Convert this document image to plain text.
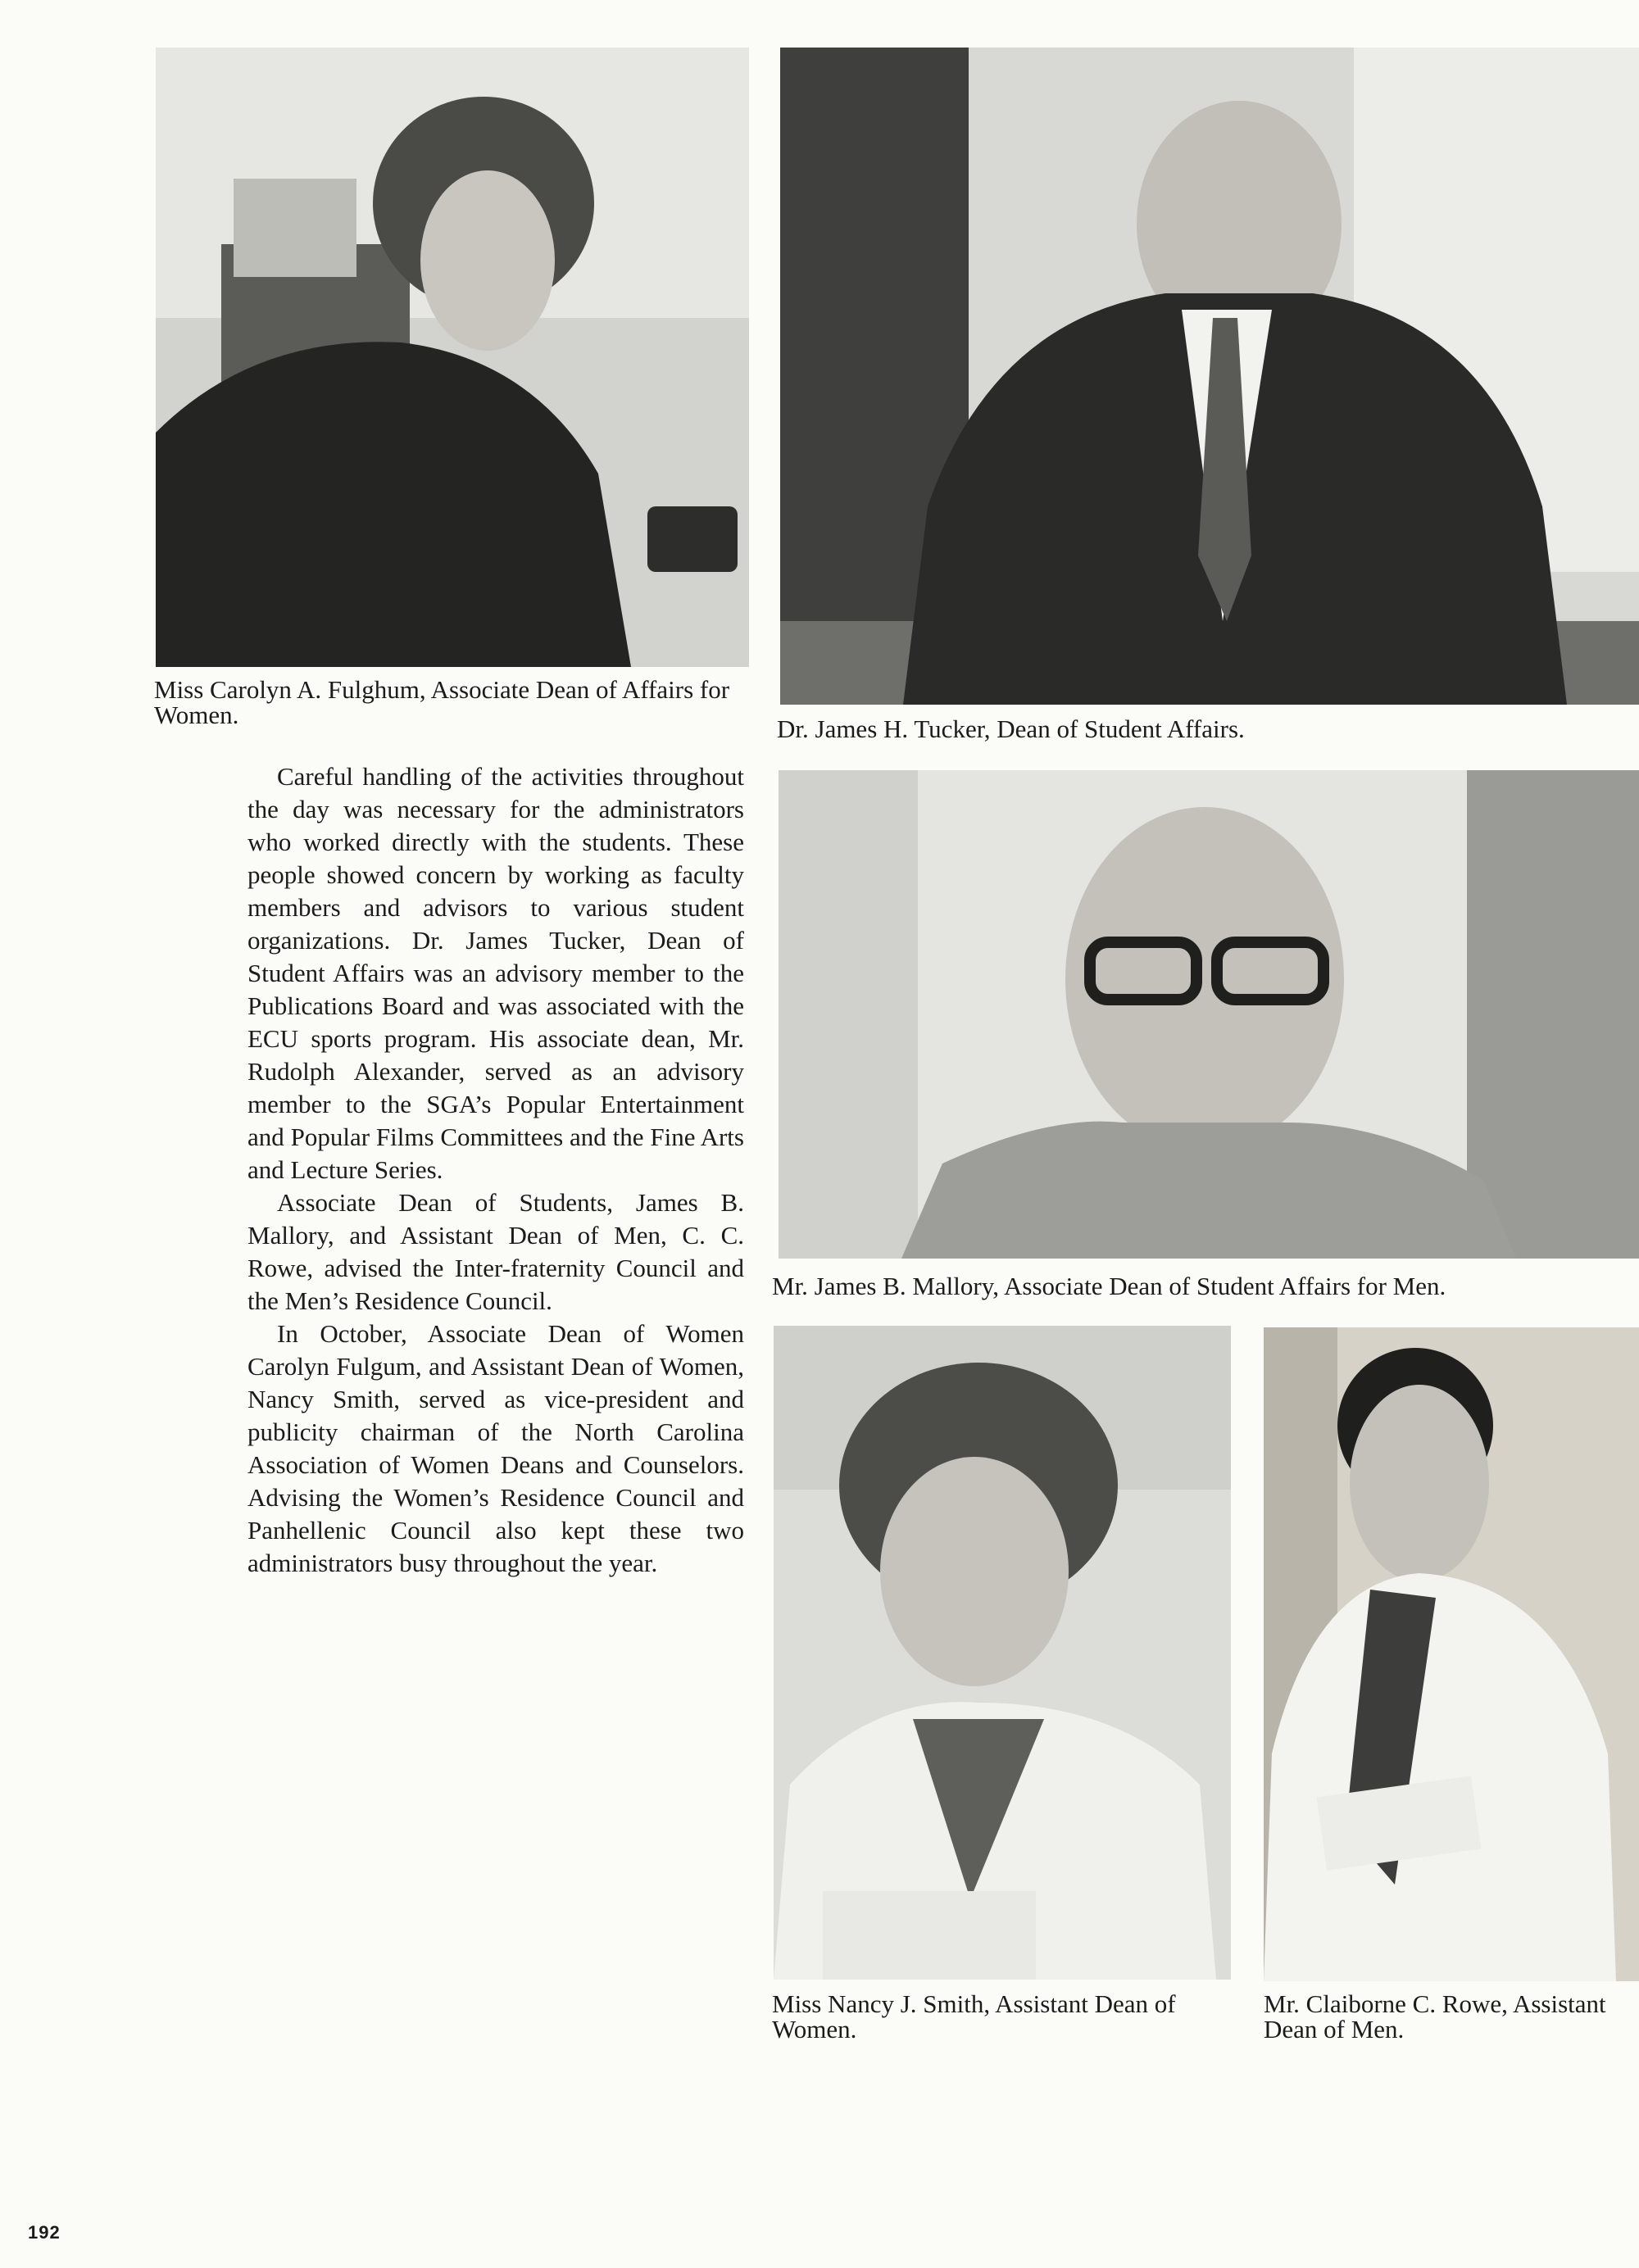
Miss Carolyn A. Fulghum, Associate Dean of Affairs for Women.	Dr. James H. Tucker, Dean of Student Affairs.

Careful handling of the activities throughout the day was necessary for the administrators who worked directly with the students. These people showed concern by working as faculty members and advisors to various student organizations. Dr. James Tucker, Dean of Student Affairs was an advisory member to the Publications Board and was associated with the ECU sports program. His associate dean, Mr. Rudolph Alexander, served as an advisory member to the SGA’s Popular Entertainment and Popular Films Committees and the Fine Arts and Lecture Series.

Associate Dean of Students, James B. Mallory, and Assistant Dean of Men, C. C. Rowe, advised the Inter-fraternity Council and the Men’s Residence Council.

In October, Associate Dean of Women Carolyn Fulgum, and Assistant Dean of Women, Nancy Smith, served as vice-president and publicity chairman of the North Carolina Association of Women Deans and Counselors. Advising the Women’s Residence Council and Panhellenic Council also kept these two administrators busy throughout the year.

Mr. James B. Mallory, Associate Dean of Student Affairs for Men.

Miss Nancy J. Smith, Assistant Dean of Women.

Mr. Claiborne C. Rowe, Assistant Dean of Men.

192
